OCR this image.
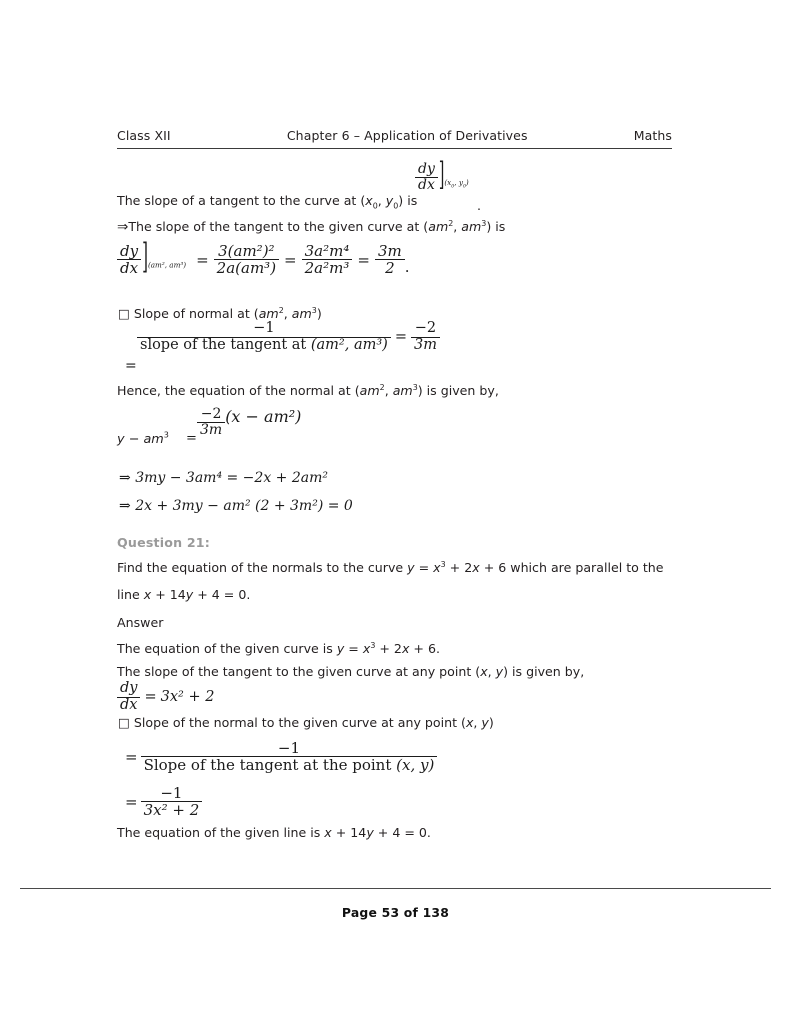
Class XII	Chapter 6 – Application of Derivatives	Maths
The slope of a tangent to the curve at ($x_0$, $y_0$) is
$\frac{dy}{dx} ]_{(x_0, y_0)}$
.
⇒The slope of the tangent to the given curve at ($am^2$, $am^3$) is
$\frac{dy}{dx} ]_{(am^2, am^3)} = \frac{\text{3(am²)²}}{\text{2a(am³)}} = \frac{\text{3a²m⁴}}{\text{2a²m³}} = \frac{3m}{2}$ .
□ Slope of normal at ($am^2$, $am^3$)
=
$\frac{-1}{\text{slope of the tangent at (am², am³)}} = \frac{-2}{3m}$
Hence, the equation of the normal at ($am^2$, $am^3$) is given by,
$y - am^3$ =
$\frac{-2}{3m} (x - am^2)$
⇒ 3my − 3am⁴ = −2x + 2am²
⇒ 2x + 3my − am² (2 + 3m²) = 0
Question 21:
Find the equation of the normals to the curve $y = x^3 + 2x + 6$ which are parallel to the
line x + 14y + 4 = 0.
Answer
The equation of the given curve is $y = x^3 + 2x + 6$.
The slope of the tangent to the given curve at any point (x, y) is given by,
$\frac{dy}{dx} = 3x^2 + 2$
□ Slope of the normal to the given curve at any point (x, y)
= $\frac{-1}{\text{Slope of the tangent at the point (x, y)}}$
= $\frac{-1}{\text{3x² + 2}}$
The equation of the given line is x + 14y + 4 = 0.
Page 53 of 138
